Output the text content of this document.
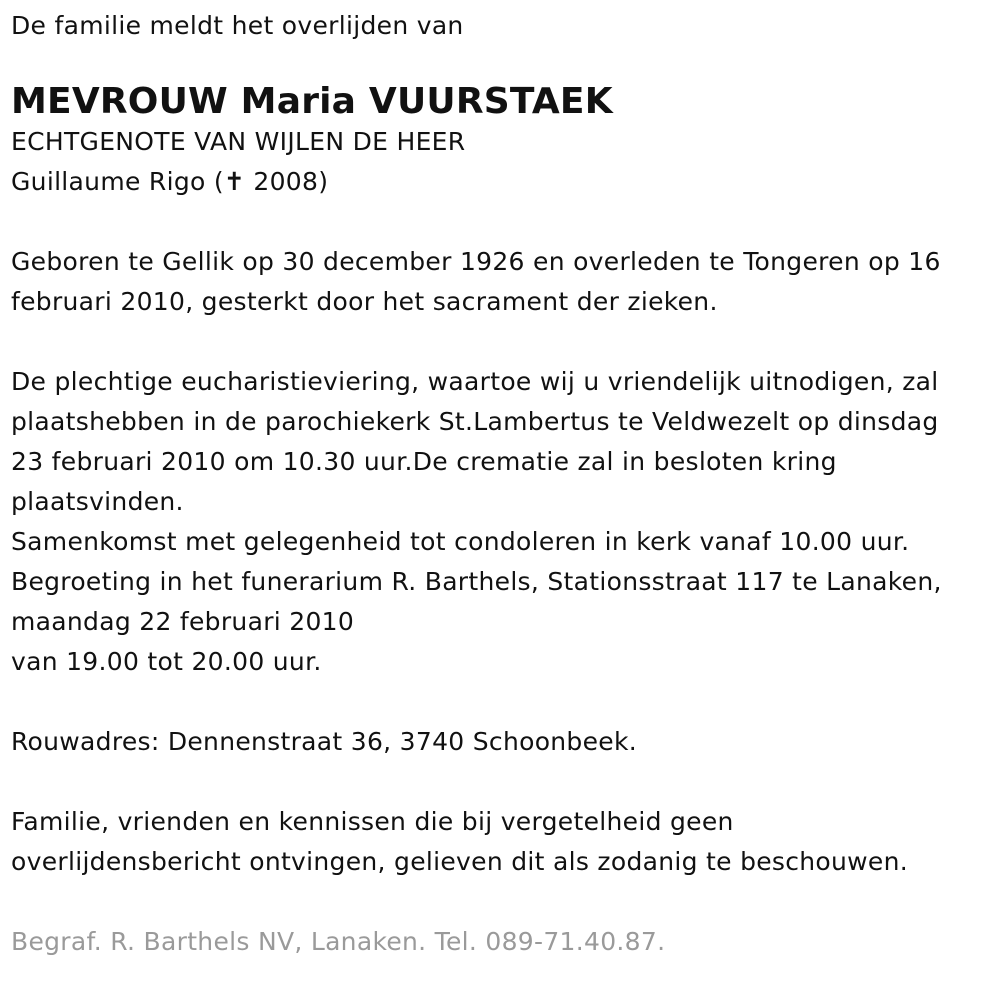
De familie meldt het overlijden van
MEVROUW Maria VUURSTAEK
ECHTGENOTE VAN WIJLEN DE HEER
Guillaume Rigo (✝ 2008)
Geboren te Gellik op 30 december 1926 en overleden te Tongeren op 16
februari 2010, gesterkt door het sacrament der zieken.
De plechtige eucharistieviering, waartoe wij u vriendelijk uitnodigen, zal
plaatshebben in de parochiekerk St.Lambertus te Veldwezelt op dinsdag
23 februari 2010 om 10.30 uur.De crematie zal in besloten kring
plaatsvinden.
Samenkomst met gelegenheid tot condoleren in kerk vanaf 10.00 uur.
Begroeting in het funerarium R. Barthels, Stationsstraat 117 te Lanaken,
maandag 22 februari 2010
van 19.00 tot 20.00 uur.
Rouwadres: Dennenstraat 36, 3740 Schoonbeek.
Familie, vrienden en kennissen die bij vergetelheid geen
overlijdensbericht ontvingen, gelieven dit als zodanig te beschouwen.
Begraf. R. Barthels NV, Lanaken. Tel. 089-71.40.87.
